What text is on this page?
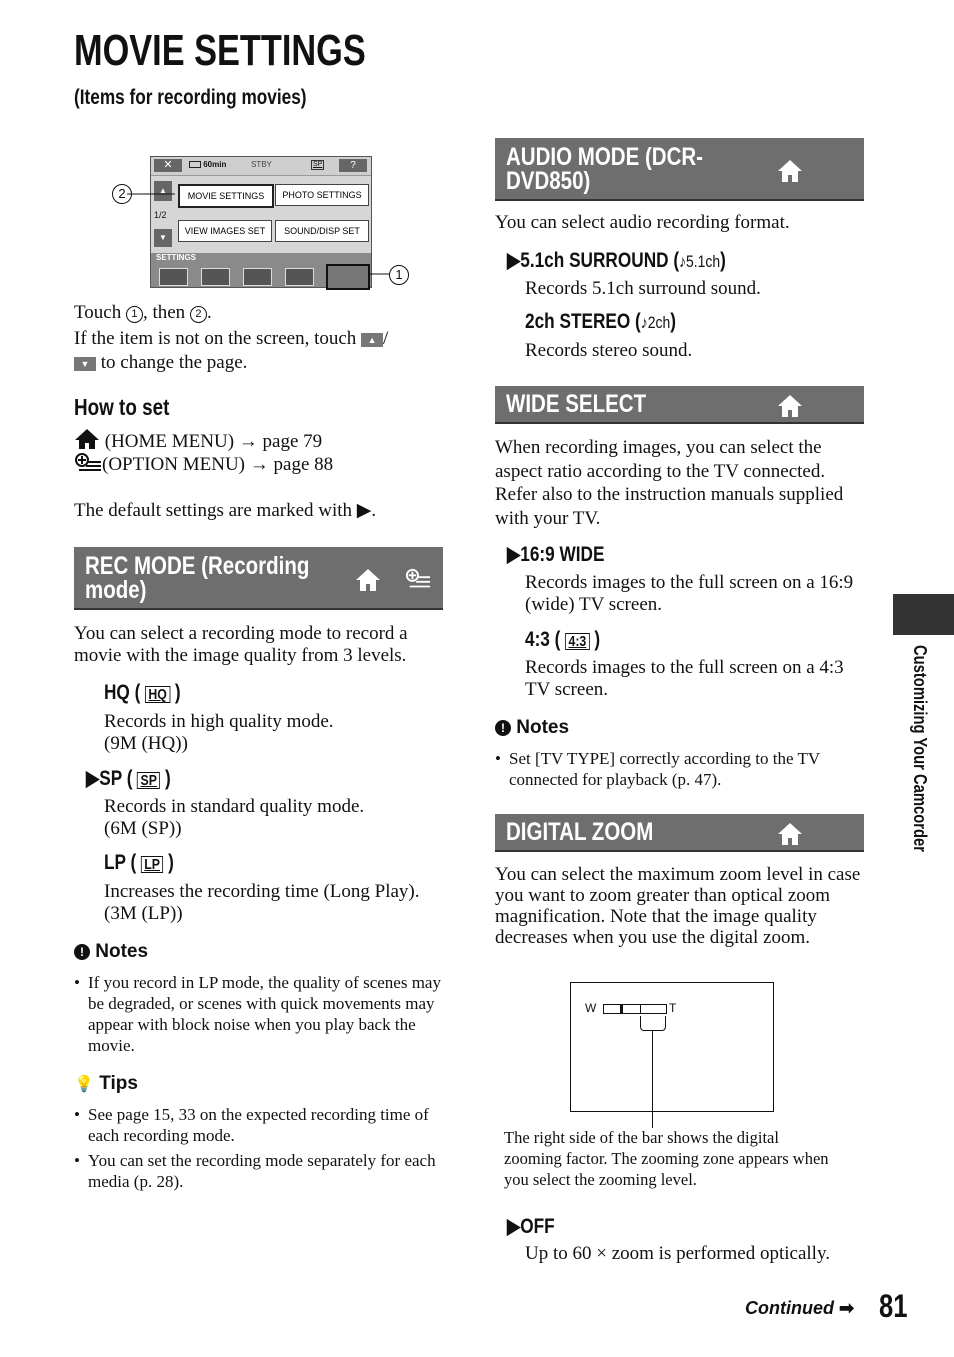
MOVIE SETTINGS
(Items for recording movies)
✕	60min	STBY	SP	?
▲
1/2
▼
MOVIE SETTINGS	PHOTO SETTINGS
VIEW IMAGES SET	SOUND/DISP SET
SETTINGS
2
1
Touch 1 , then 2 .
If the item is not on the screen, touch ▲ /
▼ to change the page.
How to set
(HOME MENU) → page 79
(OPTION MENU) → page 88
The default settings are marked with ▶.
REC MODE (Recording
mode)
You can select a recording mode to record a movie with the image quality from 3 levels.
HQ ( HQ )
Records in high quality mode.
(9M (HQ))
▶SP ( SP )
Records in standard quality mode.
(6M (SP))
LP ( LP )
Increases the recording time (Long Play).
(3M (LP))
! Notes
• If you record in LP mode, the quality of scenes may be degraded, or scenes with quick movements may appear with block noise when you play back the movie.
💡 Tips
• See page 15, 33 on the expected recording time of each recording mode.
• You can set the recording mode separately for each media (p. 28).
AUDIO MODE (DCR-
DVD850)
You can select audio recording format.
▶5.1ch SURROUND (♪5.1ch)
Records 5.1ch surround sound.
2ch STEREO (♪2ch)
Records stereo sound.
WIDE SELECT
When recording images, you can select the aspect ratio according to the TV connected. Refer also to the instruction manuals supplied with your TV.
▶16:9 WIDE
Records images to the full screen on a 16:9 (wide) TV screen.
4:3 ( 4:3 )
Records images to the full screen on a 4:3 TV screen.
! Notes
• Set [TV TYPE] correctly according to the TV connected for playback (p. 47).
DIGITAL ZOOM
You can select the maximum zoom level in case you want to zoom greater than optical zoom magnification. Note that the image quality decreases when you use the digital zoom.
W	T
The right side of the bar shows the digital zooming factor. The zooming zone appears when you select the zooming level.
▶OFF
Up to 60 × zoom is performed optically.
Customizing Your Camcorder
Continued ➡ 81
